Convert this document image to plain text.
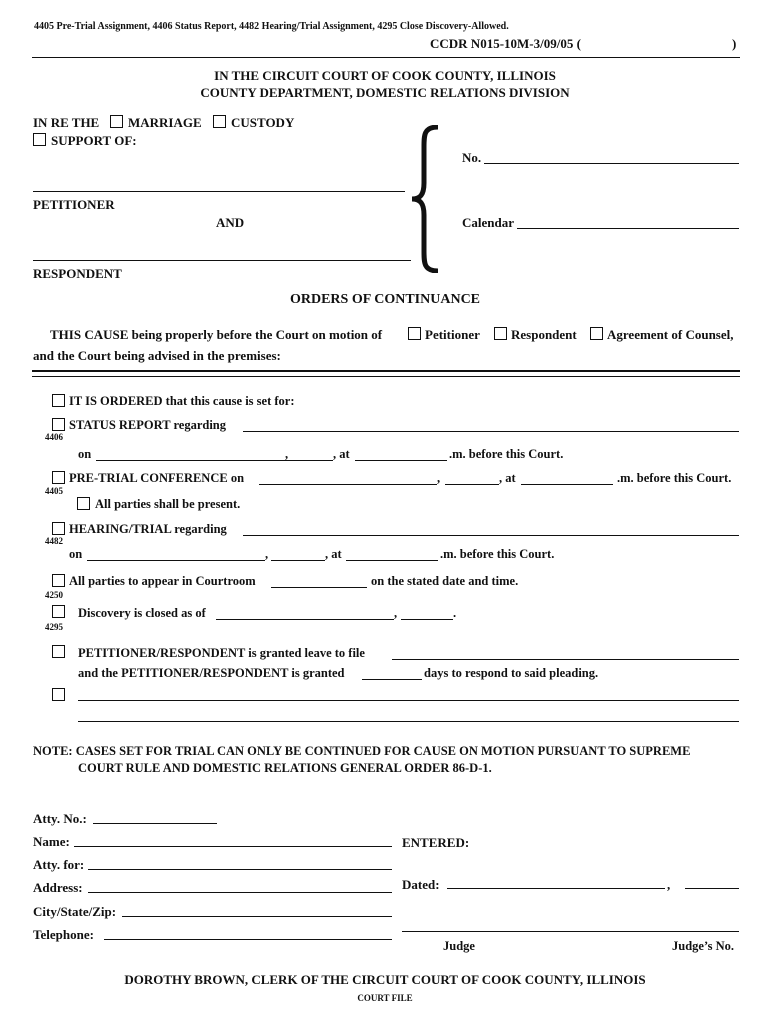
4405 Pre-Trial Assignment, 4406 Status Report, 4482 Hearing/Trial Assignment, 4295 Close Discovery-Allowed.
CCDR N015-10M-3/09/05 (	)
IN THE CIRCUIT COURT OF COOK COUNTY, ILLINOIS
COUNTY DEPARTMENT, DOMESTIC RELATIONS DIVISION
IN RE THE MARRIAGE CUSTODY
SUPPORT OF:
PETITIONER
AND
RESPONDENT
No.
Calendar
ORDERS OF CONTINUANCE
THIS CAUSE being properly before the Court on motion of	Petitioner Respondent Agreement of Counsel,
and the Court being advised in the premises:
IT IS ORDERED that this cause is set for:
STATUS REPORT regarding
4406
on	,	, at	.m. before this Court.
PRE-TRIAL CONFERENCE on	,	, at	.m. before this Court.
4405
All parties shall be present.
HEARING/TRIAL regarding
4482
on	,	, at	.m. before this Court.
All parties to appear in Courtroom	on the stated date and time.
4250
Discovery is closed as of	,	.
4295
PETITIONER/RESPONDENT is granted leave to file
and the PETITIONER/RESPONDENT is granted	days to respond to said pleading.
NOTE: CASES SET FOR TRIAL CAN ONLY BE CONTINUED FOR CAUSE ON MOTION PURSUANT TO SUPREME
COURT RULE AND DOMESTIC RELATIONS GENERAL ORDER 86-D-1.
Atty. No.:
Name:	ENTERED:
Atty. for:
Address:	Dated:	,
City/State/Zip:
Telephone:
Judge	Judge’s No.
DOROTHY BROWN, CLERK OF THE CIRCUIT COURT OF COOK COUNTY, ILLINOIS
COURT FILE
